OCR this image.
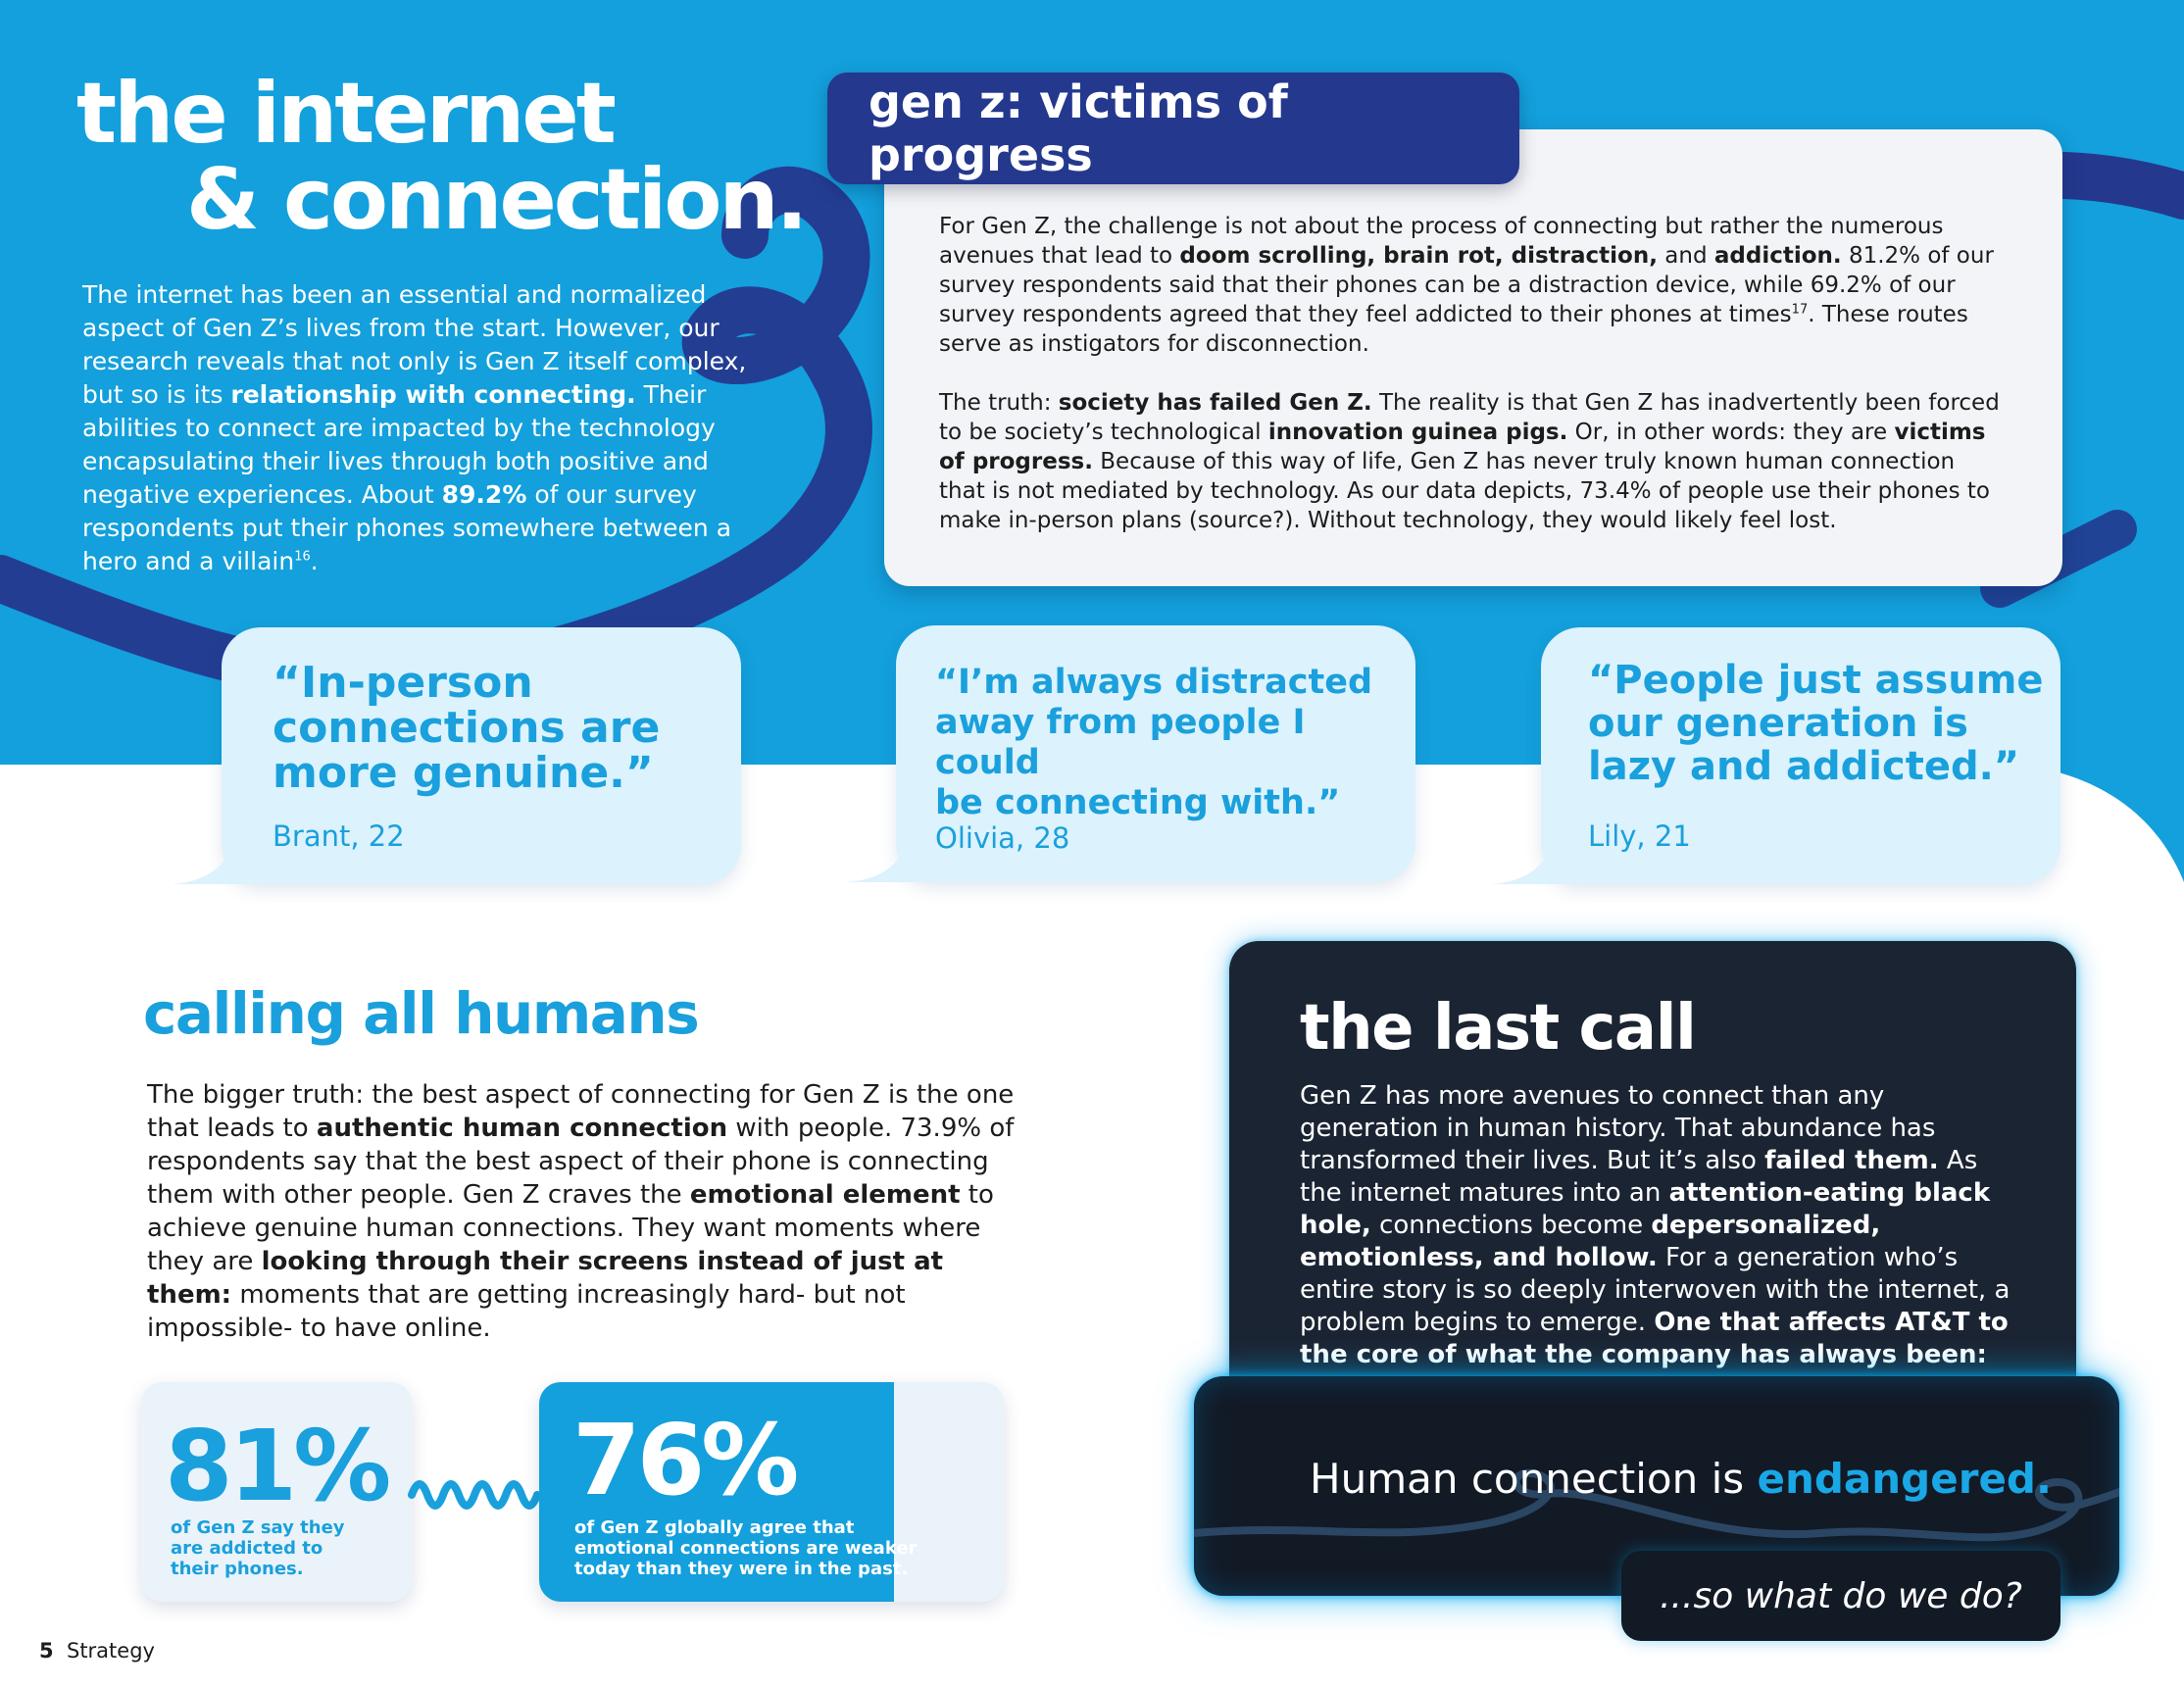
the internet
& connection.
The internet has been an essential and normalized aspect of Gen Z’s lives from the start. However, our research reveals that not only is Gen Z itself complex, but so is its relationship with connecting. Their abilities to connect are impacted by the technology encapsulating their lives through both positive and negative experiences. About 89.2% of our survey respondents put their phones somewhere between a hero and a villain$^{16}$.
gen z: victims of progress

For Gen Z, the challenge is not about the process of connecting but rather the numerous avenues that lead to doom scrolling, brain rot, distraction, and addiction. 81.2% of our survey respondents said that their phones can be a distraction device, while 69.2% of our survey respondents agreed that they feel addicted to their phones at times$^{17}$. These routes serve as instigators for disconnection.

The truth: society has failed Gen Z. The reality is that Gen Z has inadvertently been forced to be society’s technological innovation guinea pigs. Or, in other words: they are victims of progress. Because of this way of life, Gen Z has never truly known human connection that is not mediated by technology. As our data depicts, 73.4% of people use their phones to make in-person plans (source?). Without technology, they would likely feel lost.

“In-person
connections are
more genuine.”
Brant, 22
“I’m always distracted
away from people I could
be connecting with.”
Olivia, 28
“People just assume
our generation is
lazy and addicted.”
Lily, 21
calling all humans
The bigger truth: the best aspect of connecting for Gen Z is the one that leads to authentic human connection with people. 73.9% of respondents say that the best aspect of their phone is connecting them with other people. Gen Z craves the emotional element to achieve genuine human connections. They want moments where they are looking through their screens instead of just at them: moments that are getting increasingly hard- but not impossible- to have online.
81%
of Gen Z say they
are addicted to
their phones.
76%
of Gen Z globally agree that
emotional connections are weaker
today than they were in the past.
the last call
Gen Z has more avenues to connect than any generation in human history. That abundance has transformed their lives. But it’s also failed them. As the internet matures into an attention-eating black hole, connections become depersonalized, emotionless, and hollow. For a generation who’s entire story is so deeply interwoven with the internet, a problem begins to emerge. One that affects AT&T to the core of what the company has always been:
Human connection is endangered.
...so what do we do?
5 Strategy
